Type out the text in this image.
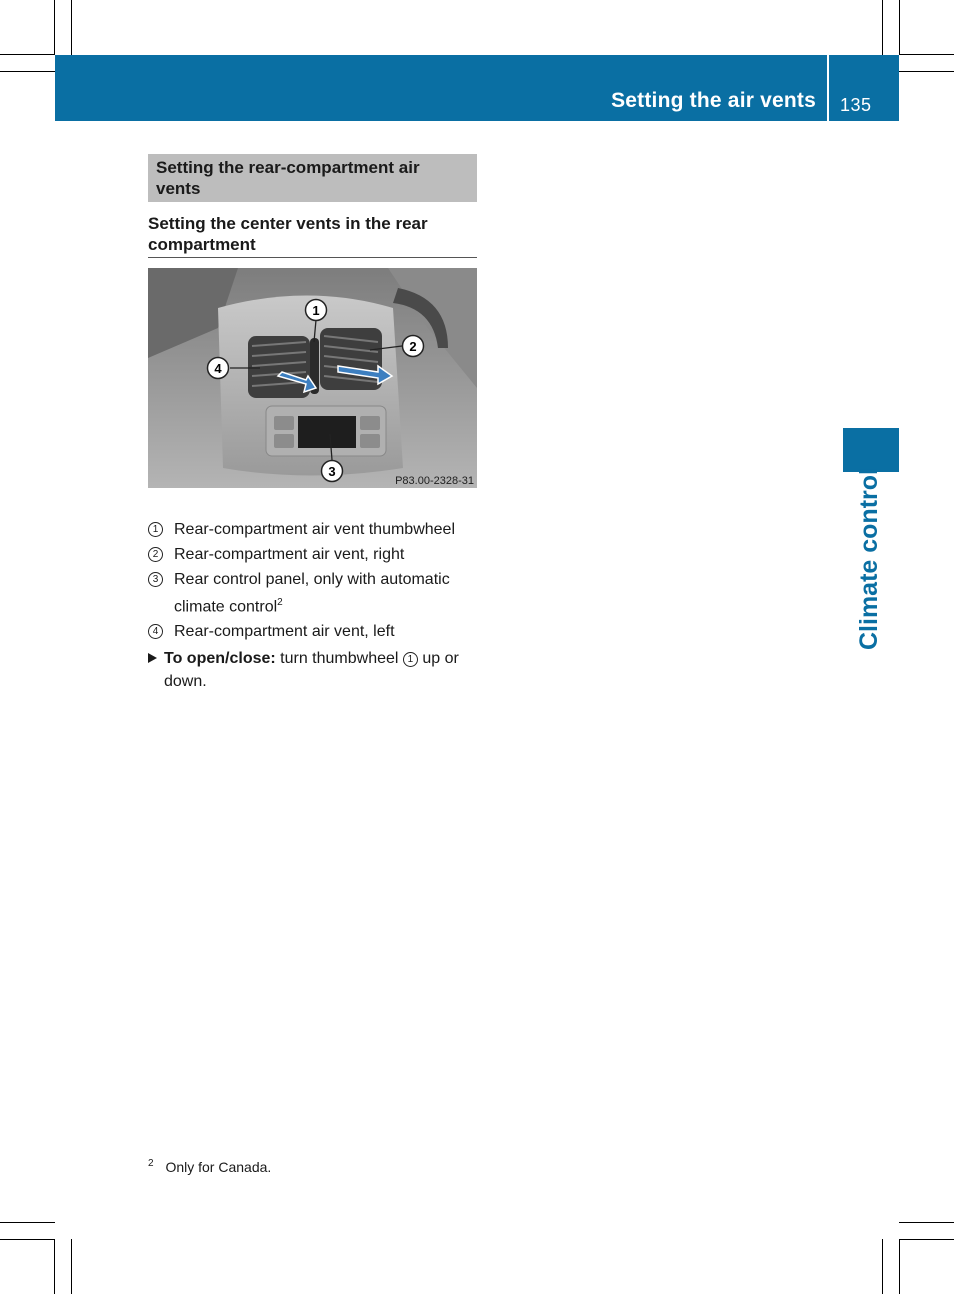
Setting the air vents 135
Climate control
Setting the rear-compartment air vents
Setting the center vents in the rear compartment
1
2
3
4
P83.00-2328-31
1 Rear-compartment air vent thumbwheel
2 Rear-compartment air vent, right
3 Rear control panel, only with automatic climate control$^2$
4 Rear-compartment air vent, left
To open/close: turn thumbwheel 1 up or down.
$^2$ Only for Canada.
